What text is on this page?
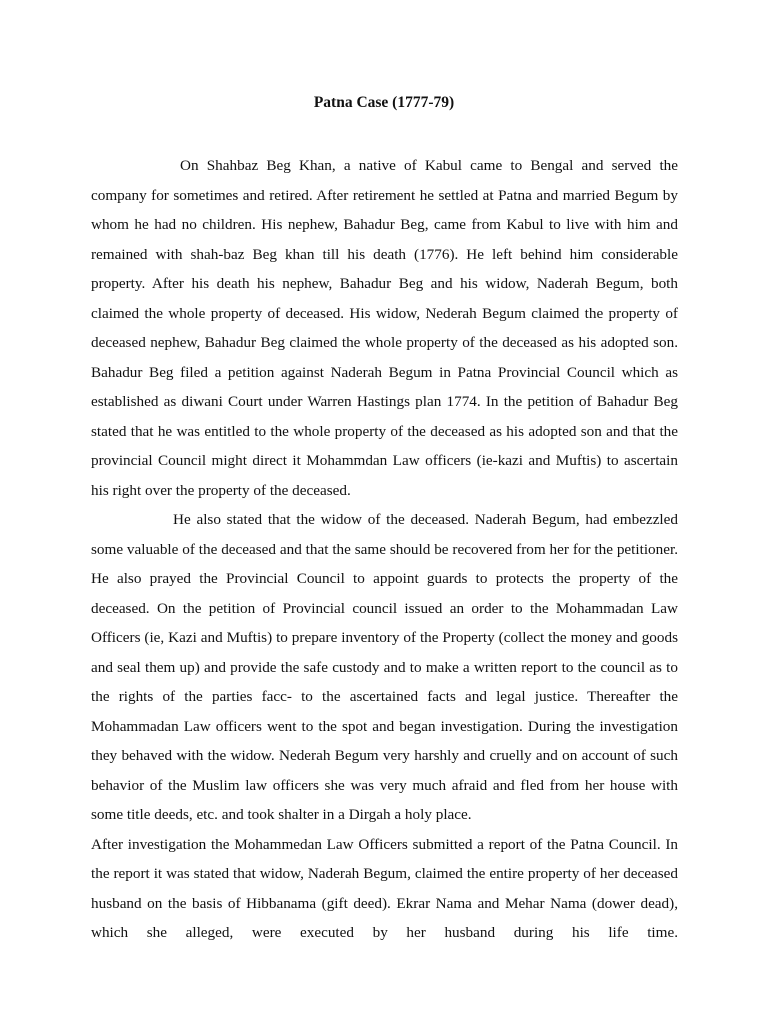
Patna Case (1777-79)

On Shahbaz Beg Khan, a native of Kabul came to Bengal and served the company for sometimes and retired. After retirement he settled at Patna and married Begum by whom he had no children. His nephew, Bahadur Beg, came from Kabul to live with him and remained with shah-baz Beg khan till his death (1776). He left behind him considerable property. After his death his nephew, Bahadur Beg and his widow, Naderah Begum, both claimed the whole property of deceased. His widow, Nederah Begum claimed the property of deceased nephew, Bahadur Beg claimed the whole property of the deceased as his adopted son. Bahadur Beg filed a petition against Naderah Begum in Patna Provincial Council which as established as diwani Court under Warren Hastings plan 1774. In the petition of Bahadur Beg stated that he was entitled to the whole property of the deceased as his adopted son and that the provincial Council might direct it Mohammdan Law officers (ie-kazi and Muftis) to ascertain his right over the property of the deceased.

He also stated that the widow of the deceased. Naderah Begum, had embezzled some valuable of the deceased and that the same should be recovered from her for the petitioner. He also prayed the Provincial Council to appoint guards to protects the property of the deceased. On the petition of Provincial council issued an order to the Mohammadan Law Officers (ie, Kazi and Muftis) to prepare inventory of the Property (collect the money and goods and seal them up) and provide the safe custody and to make a written report to the council as to the rights of the parties facc- to the ascertained facts and legal justice. Thereafter the Mohammadan Law officers went to the spot and began investigation. During the investigation they behaved with the widow. Nederah Begum very harshly and cruelly and on account of such behavior of the Muslim law officers she was very much afraid and fled from her house with some title deeds, etc. and took shalter in a Dirgah a holy place.

After investigation the Mohammedan Law Officers submitted a report of the Patna Council. In the report it was stated that widow, Naderah Begum, claimed the entire property of her deceased husband on the basis of Hibbanama (gift deed). Ekrar Nama and Mehar Nama (dower dead), which she alleged, were executed by her husband during his life time.
